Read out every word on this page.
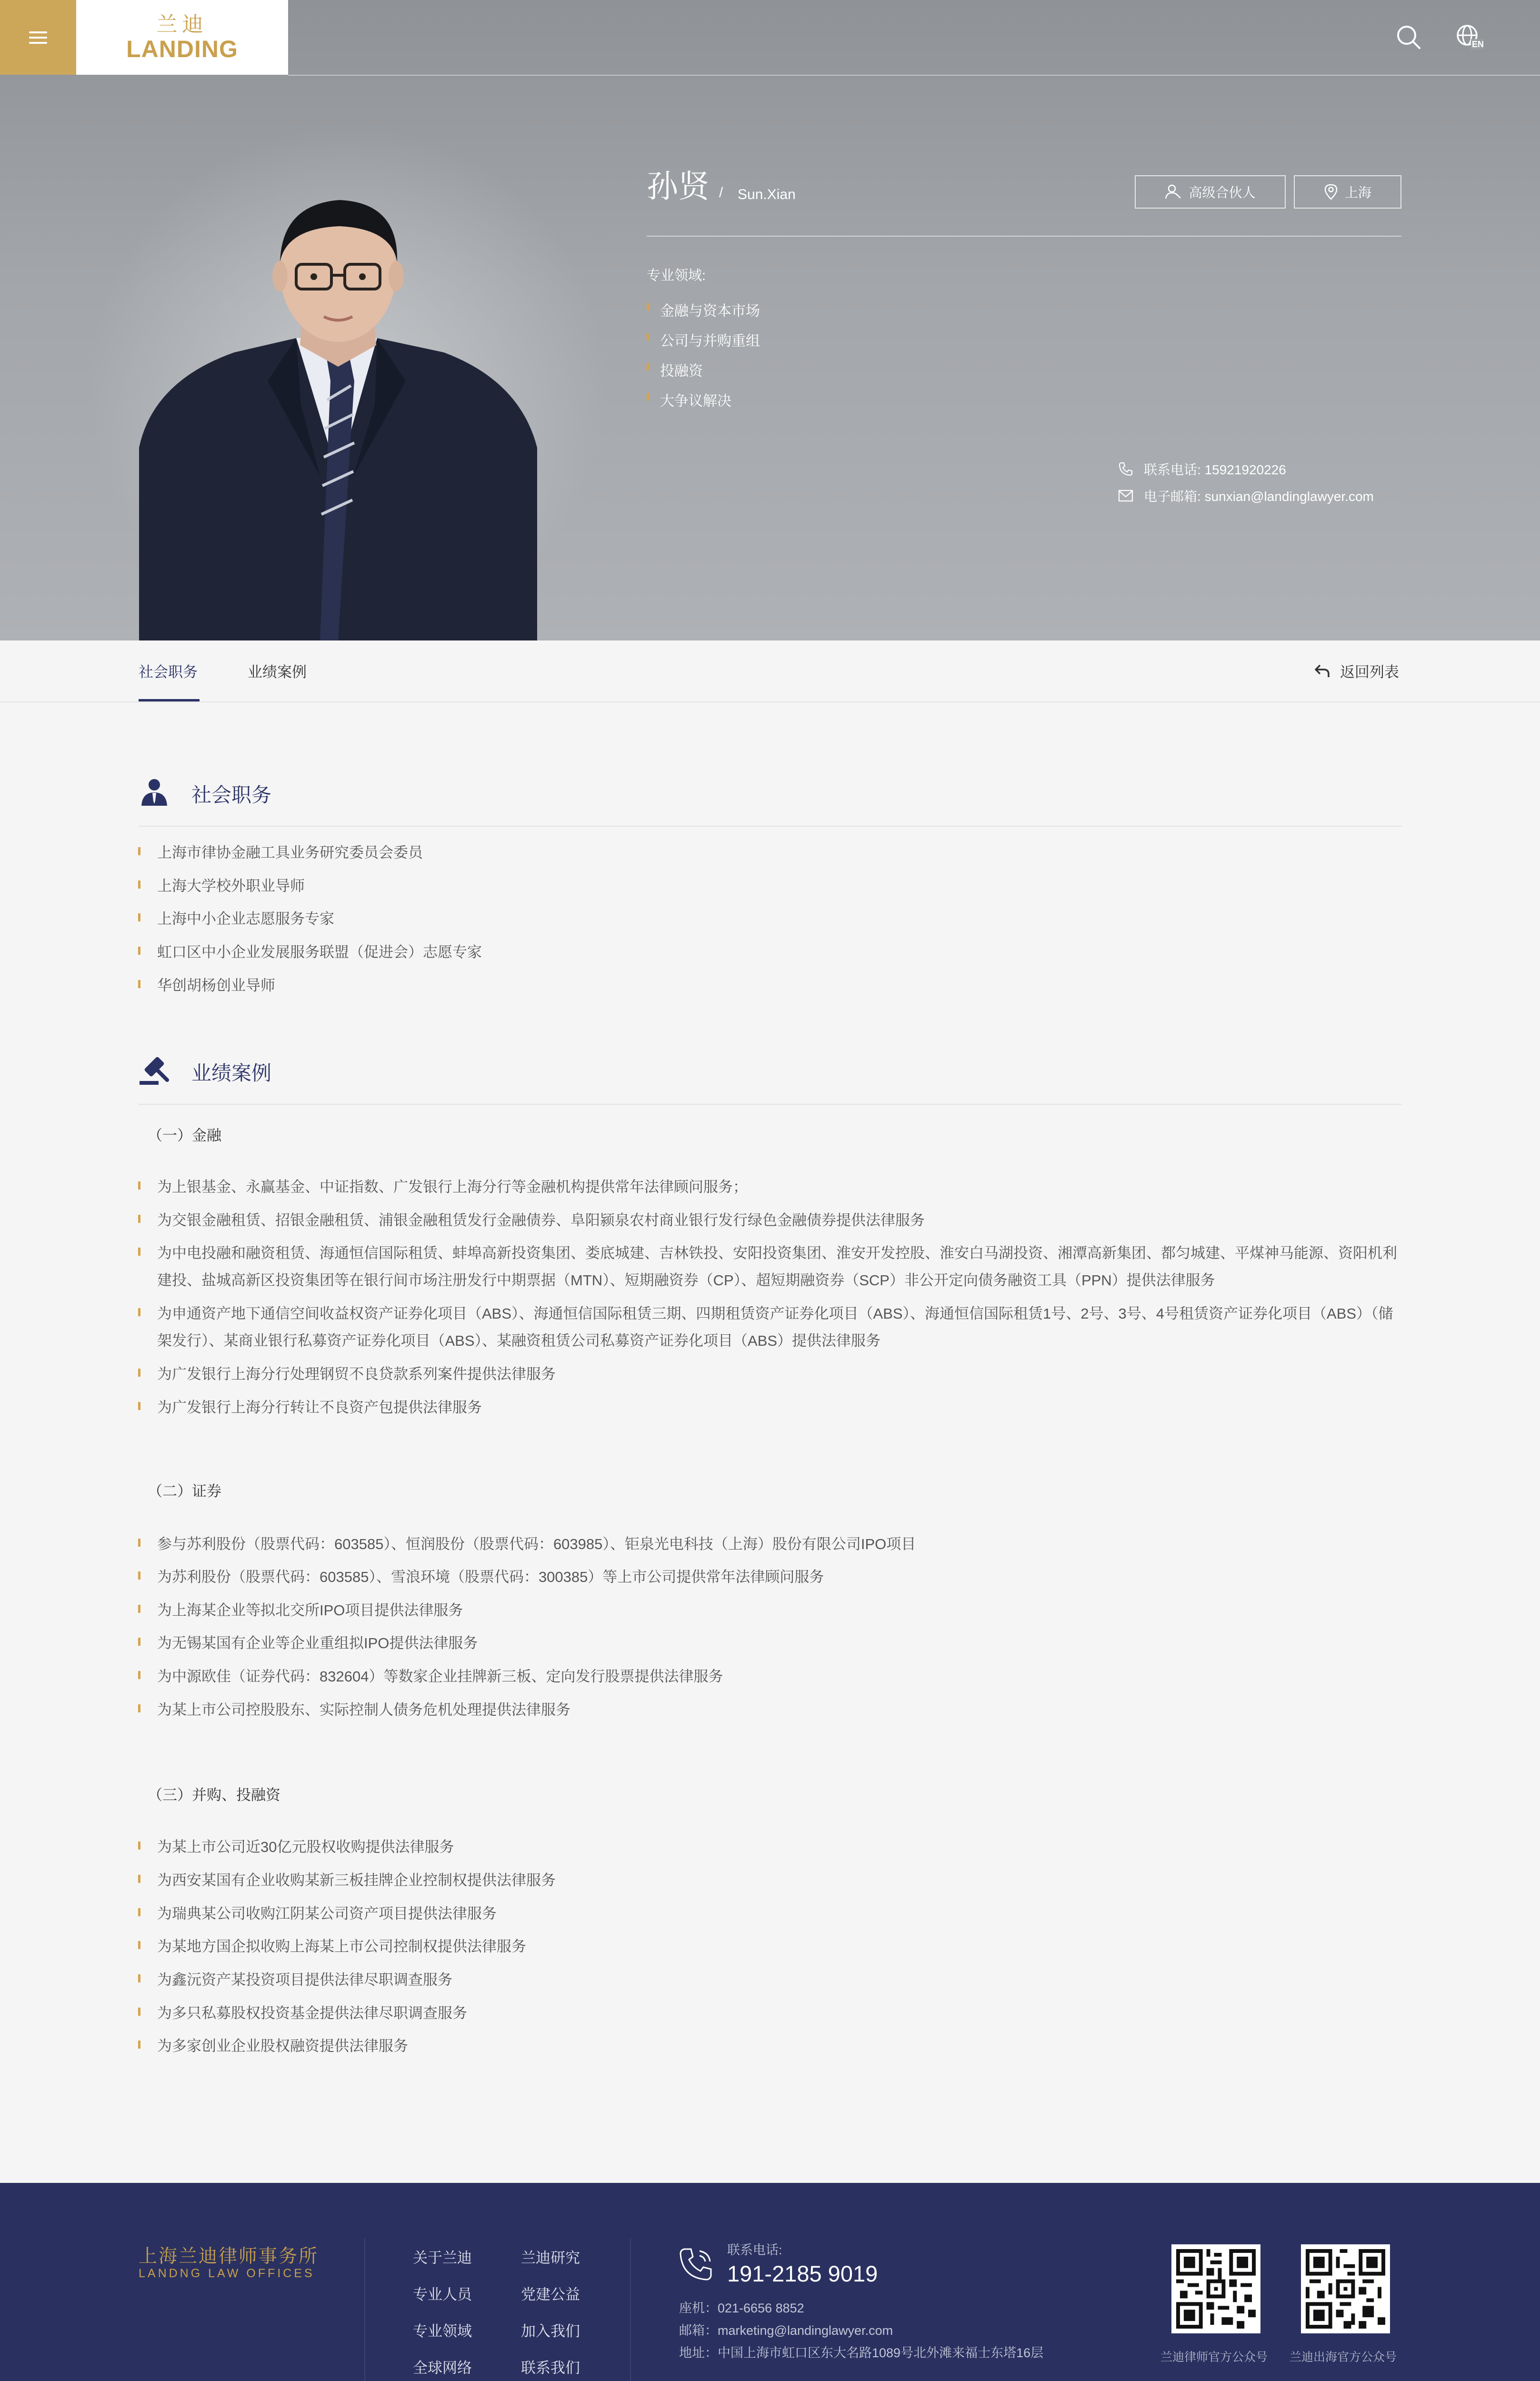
兰迪
LANDING	EN
孙贤 / Sun.Xian	高级合伙人	上海
专业领域:
金融与资本市场
公司与并购重组
投融资
大争议解决
联系电话: 15921920226
电子邮箱: sunxian@landinglawyer.com
社会职务	业绩案例	返回列表
社会职务
上海市律协金融工具业务研究委员会委员
上海大学校外职业导师
上海中小企业志愿服务专家
虹口区中小企业发展服务联盟（促进会）志愿专家
华创胡杨创业导师
业绩案例
（一）金融
为上银基金、永赢基金、中证指数、广发银行上海分行等金融机构提供常年法律顾问服务；
为交银金融租赁、招银金融租赁、浦银金融租赁发行金融债券、阜阳颍泉农村商业银行发行绿色金融债券提供法律服务
为中电投融和融资租赁、海通恒信国际租赁、蚌埠高新投资集团、娄底城建、吉林铁投、安阳投资集团、淮安开发控股、淮安白马湖投资、湘潭高新集团、都匀城建、平煤神马能源、资阳机利建投、盐城高新区投资集团等在银行间市场注册发行中期票据（MTN）、短期融资券（CP）、超短期融资券（SCP）非公开定向债务融资工具（PPN）提供法律服务
为申通资产地下通信空间收益权资产证券化项目（ABS）、海通恒信国际租赁三期、四期租赁资产证券化项目（ABS）、海通恒信国际租赁1号、2号、3号、4号租赁资产证券化项目（ABS）（储架发行）、某商业银行私募资产证券化项目（ABS）、某融资租赁公司私募资产证券化项目（ABS）提供法律服务
为广发银行上海分行处理钢贸不良贷款系列案件提供法律服务
为广发银行上海分行转让不良资产包提供法律服务
（二）证券
参与苏利股份（股票代码：603585）、恒润股份（股票代码：603985）、钜泉光电科技（上海）股份有限公司IPO项目
为苏利股份（股票代码：603585）、雪浪环境（股票代码：300385）等上市公司提供常年法律顾问服务
为上海某企业等拟北交所IPO项目提供法律服务
为无锡某国有企业等企业重组拟IPO提供法律服务
为中源欧佳（证券代码：832604）等数家企业挂牌新三板、定向发行股票提供法律服务
为某上市公司控股股东、实际控制人债务危机处理提供法律服务
（三）并购、投融资
为某上市公司近30亿元股权收购提供法律服务
为西安某国有企业收购某新三板挂牌企业控制权提供法律服务
为瑞典某公司收购江阴某公司资产项目提供法律服务
为某地方国企拟收购上海某上市公司控制权提供法律服务
为鑫沅资产某投资项目提供法律尽职调查服务
为多只私募股权投资基金提供法律尽职调查服务
为多家创业企业股权融资提供法律服务
上海兰迪律师事务所
LANDNG LAW OFFICES
关于兰迪
专业人员
专业领域
全球网络
兰迪研究
党建公益
加入我们
联系我们
联系电话:
191-2185 9019
座机：021-6656 8852
邮箱：marketing@landinglawyer.com
地址：中国上海市虹口区东大名路1089号北外滩来福士东塔16层	兰迪律师官方公众号 兰迪出海官方公众号
